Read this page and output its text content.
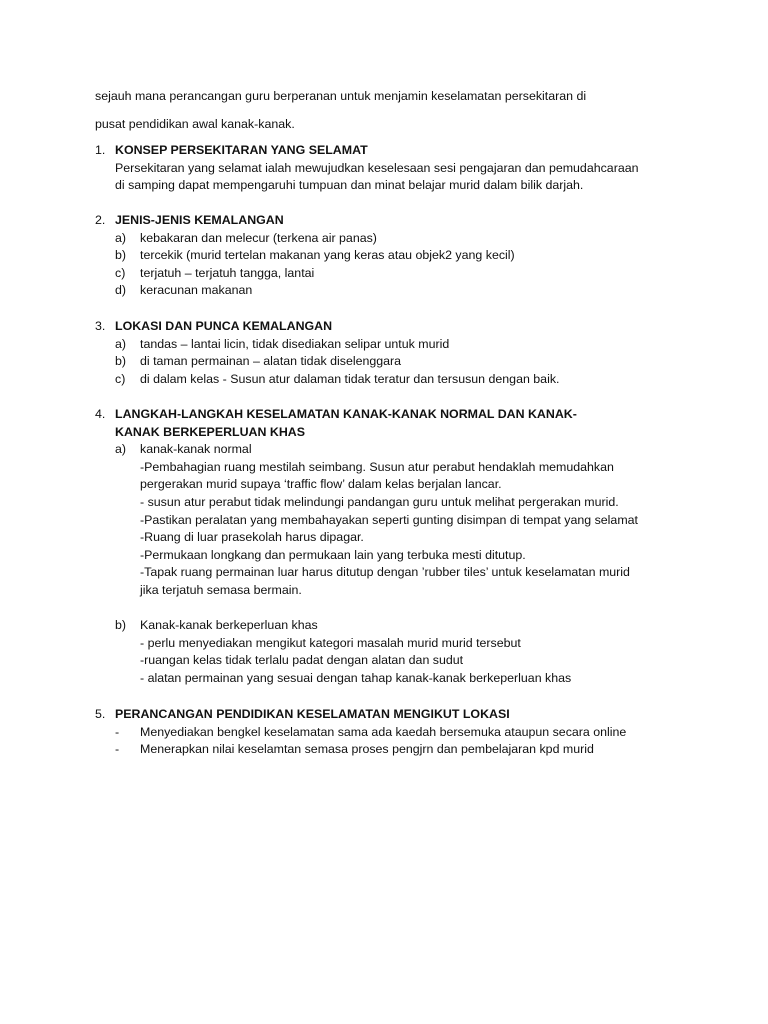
sejauh mana perancangan guru berperanan untuk menjamin keselamatan persekitaran di
pusat pendidikan awal kanak-kanak.
1. KONSEP PERSEKITARAN YANG SELAMAT
Persekitaran yang selamat ialah mewujudkan keselesaan sesi pengajaran dan pemudahcaraan
di samping dapat mempengaruhi tumpuan dan minat belajar murid dalam bilik darjah.
2. JENIS-JENIS KEMALANGAN
a)	kebakaran dan melecur (terkena air panas)
b)	tercekik (murid tertelan makanan yang keras atau objek2 yang kecil)
c)	terjatuh – terjatuh tangga, lantai
d)	keracunan makanan
3. LOKASI DAN PUNCA KEMALANGAN
a)	tandas – lantai licin, tidak disediakan selipar untuk murid
b)	di taman permainan – alatan tidak diselenggara
c)	di dalam kelas - Susun atur dalaman tidak teratur dan tersusun dengan baik.
4. LANGKAH-LANGKAH KESELAMATAN KANAK-KANAK NORMAL DAN KANAK-KANAK BERKEPERLUAN KHAS
a)	kanak-kanak normal
-Pembahagian ruang mestilah seimbang. Susun atur perabut hendaklah memudahkan
pergerakan murid supaya ‘traffic flow’ dalam kelas berjalan lancar.
- susun atur perabut tidak melindungi pandangan guru untuk melihat pergerakan murid.
-Pastikan peralatan yang membahayakan seperti gunting disimpan di tempat yang selamat
-Ruang di luar prasekolah harus dipagar.
-Permukaan longkang dan permukaan lain yang terbuka mesti ditutup.
-Tapak ruang permainan luar harus ditutup dengan ’rubber tiles’ untuk keselamatan murid
jika terjatuh semasa bermain.
b)	Kanak-kanak berkeperluan khas
- perlu menyediakan mengikut kategori masalah murid murid tersebut
-ruangan kelas tidak terlalu padat dengan alatan dan sudut
- alatan permainan yang sesuai dengan tahap kanak-kanak berkeperluan khas
5. PERANCANGAN PENDIDIKAN KESELAMATAN MENGIKUT LOKASI
-	Menyediakan bengkel keselamatan sama ada kaedah bersemuka ataupun secara online
-	Menerapkan nilai keselamtan semasa proses pengjrn dan pembelajaran kpd murid
